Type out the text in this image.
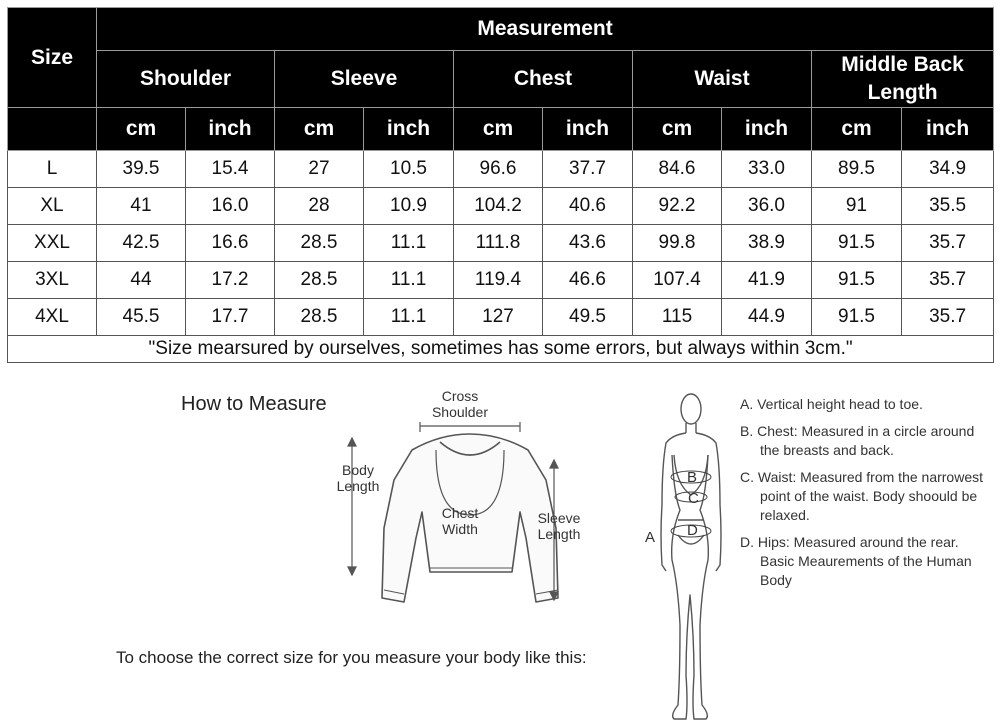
Size	Measurement									
	Shoulder		Sleeve		Chest		Waist		Middle Back Length	
	cm	inch	cm	inch	cm	inch	cm	inch	cm	inch
L	39.5	15.4	27	10.5	96.6	37.7	84.6	33.0	89.5	34.9
XL	41	16.0	28	10.9	104.2	40.6	92.2	36.0	91	35.5
XXL	42.5	16.6	28.5	11.1	111.8	43.6	99.8	38.9	91.5	35.7
3XL	44	17.2	28.5	11.1	119.4	46.6	107.4	41.9	91.5	35.7
4XL	45.5	17.7	28.5	11.1	127	49.5	115	44.9	91.5	35.7
"Size mearsured by ourselves, sometimes has some errors, but always within 3cm."										
How to Measure	Cross
Shoulder
Body
Length
Chest
Width
Sleeve
Length
To choose the correct size for you measure your body like this:
A
B
C
D
A. Vertical height head to toe.
B. Chest: Measured in a circle around the breasts and back.
C. Waist: Measured from the narrowest point of the waist. Body shoould be relaxed.
D. Hips: Measured around the rear. Basic Meaurements of the Human Body
